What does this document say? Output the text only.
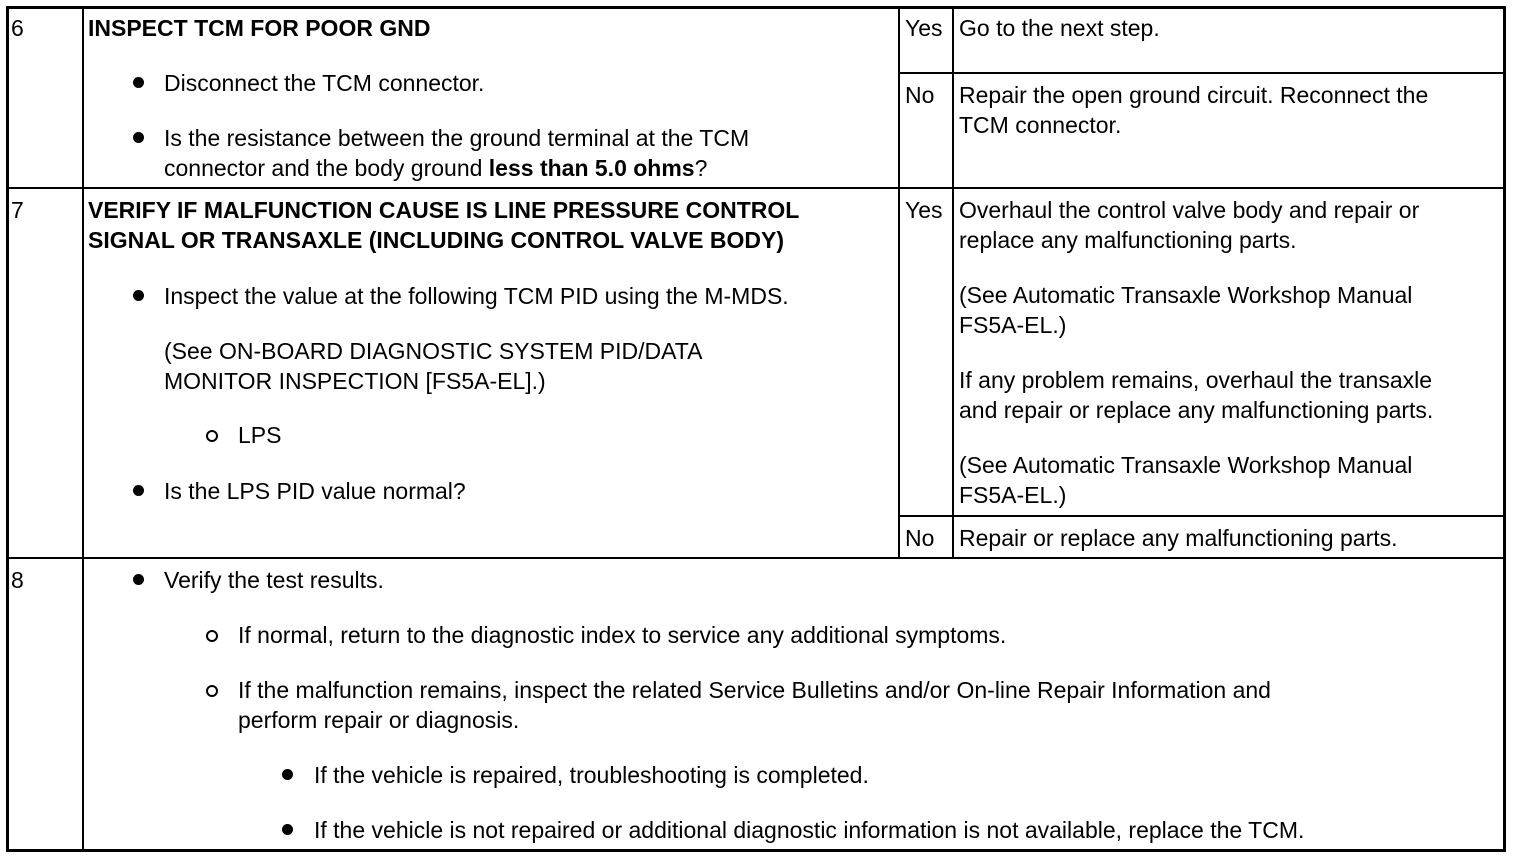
6	INSPECT TCM FOR POOR GND
Disconnect the TCM connector.
Is the resistance between the ground terminal at the TCM
connector and the body ground less than 5.0 ohms?
Yes Go to the next step.
No Repair the open ground circuit. Reconnect the
TCM connector.
7	VERIFY IF MALFUNCTION CAUSE IS LINE PRESSURE CONTROL
SIGNAL OR TRANSAXLE (INCLUDING CONTROL VALVE BODY)
Inspect the value at the following TCM PID using the M-MDS.
(See ON-BOARD DIAGNOSTIC SYSTEM PID/DATA
MONITOR INSPECTION [FS5A-EL].)
LPS
Is the LPS PID value normal?
Yes Overhaul the control valve body and repair or
replace any malfunctioning parts.
(See Automatic Transaxle Workshop Manual
FS5A-EL.)
If any problem remains, overhaul the transaxle
and repair or replace any malfunctioning parts.
(See Automatic Transaxle Workshop Manual
FS5A-EL.)
No Repair or replace any malfunctioning parts.
8	Verify the test results.
If normal, return to the diagnostic index to service any additional symptoms.
If the malfunction remains, inspect the related Service Bulletins and/or On-line Repair Information and
perform repair or diagnosis.
If the vehicle is repaired, troubleshooting is completed.
If the vehicle is not repaired or additional diagnostic information is not available, replace the TCM.
